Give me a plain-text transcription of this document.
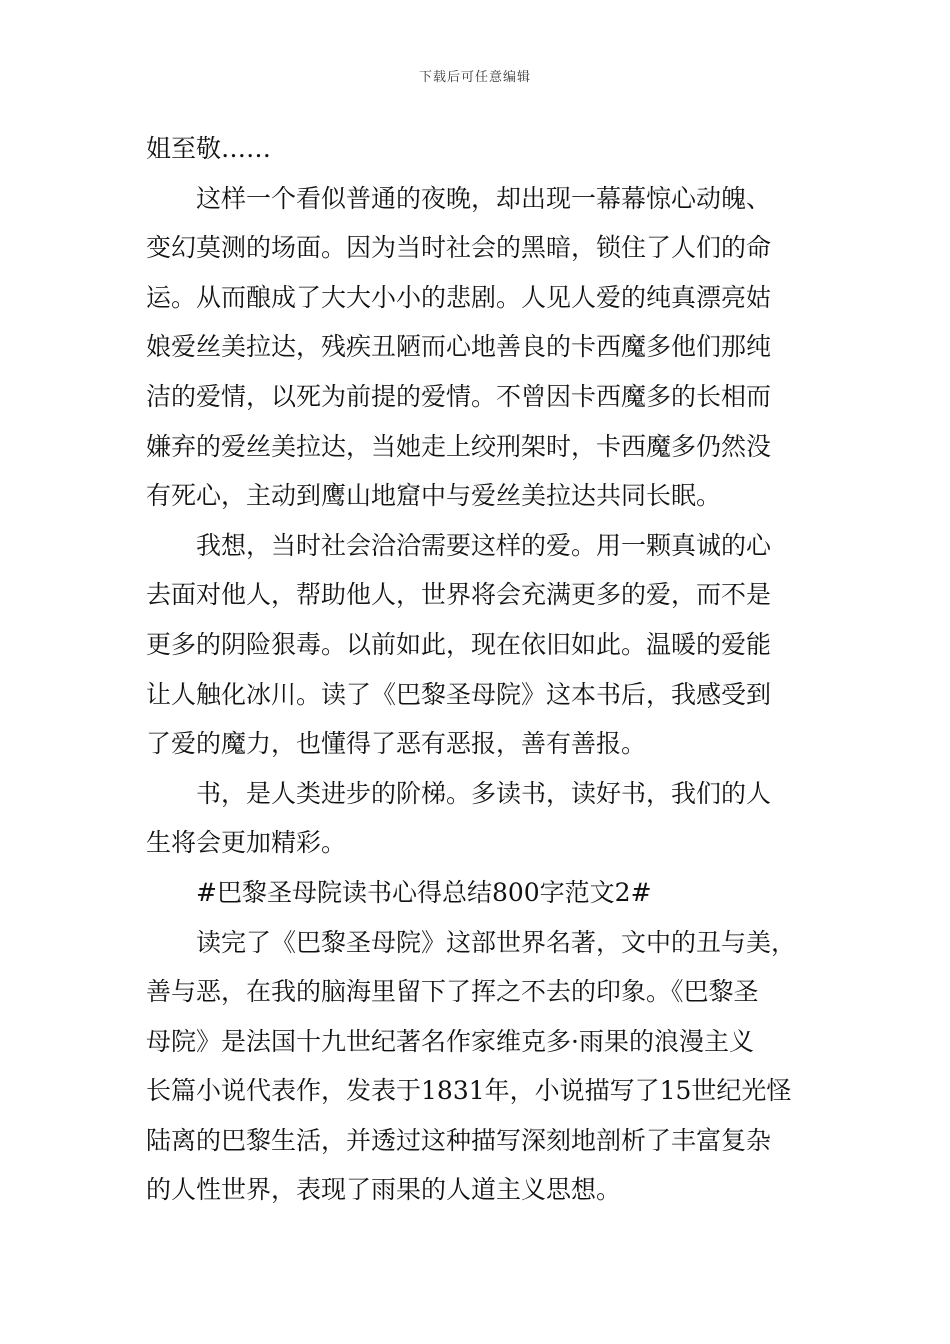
下载后可任意编辑
姐至敬……
这样一个看似普通的夜晚，却出现一幕幕惊心动魄、
变幻莫测的场面。因为当时社会的黑暗，锁住了人们的命
运。从而酿成了大大小小的悲剧。人见人爱的纯真漂亮姑
娘爱丝美拉达，残疾丑陋而心地善良的卡西魔多他们那纯
洁的爱情，以死为前提的爱情。不曾因卡西魔多的长相而
嫌弃的爱丝美拉达，当她走上绞刑架时，卡西魔多仍然没
有死心，主动到鹰山地窟中与爱丝美拉达共同长眠。
我想，当时社会洽洽需要这样的爱。用一颗真诚的心
去面对他人，帮助他人，世界将会充满更多的爱，而不是
更多的阴险狠毒。以前如此，现在依旧如此。温暖的爱能
让人触化冰川。读了《巴黎圣母院》这本书后，我感受到
了爱的魔力，也懂得了恶有恶报，善有善报。
书，是人类进步的阶梯。多读书，读好书，我们的人
生将会更加精彩。
#巴黎圣母院读书心得总结800字范文2#
读完了《巴黎圣母院》这部世界名著，文中的丑与美，
善与恶，在我的脑海里留下了挥之不去的印象。《巴黎圣
母院》是法国十九世纪著名作家维克多·雨果的浪漫主义
长篇小说代表作，发表于1831年，小说描写了15世纪光怪
陆离的巴黎生活，并透过这种描写深刻地剖析了丰富复杂
的人性世界，表现了雨果的人道主义思想。
